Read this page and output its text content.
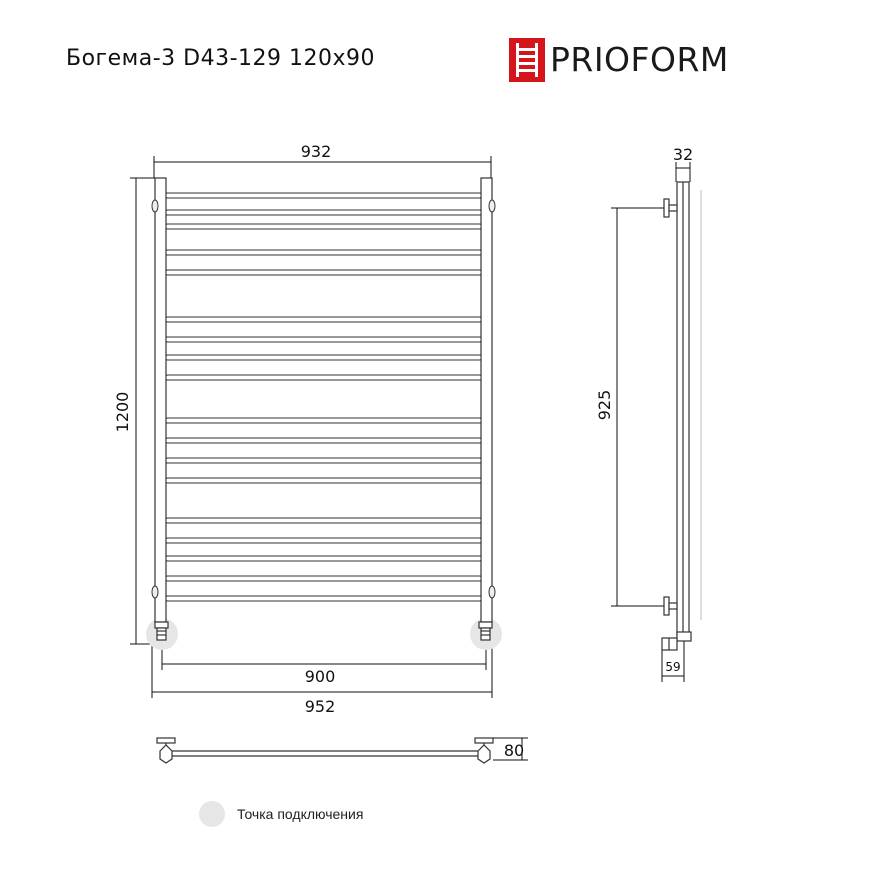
Богема-3 D43-129 120x90	PRIOFORM
932
1200
900
952
32
925
59
80
Точка подключения
